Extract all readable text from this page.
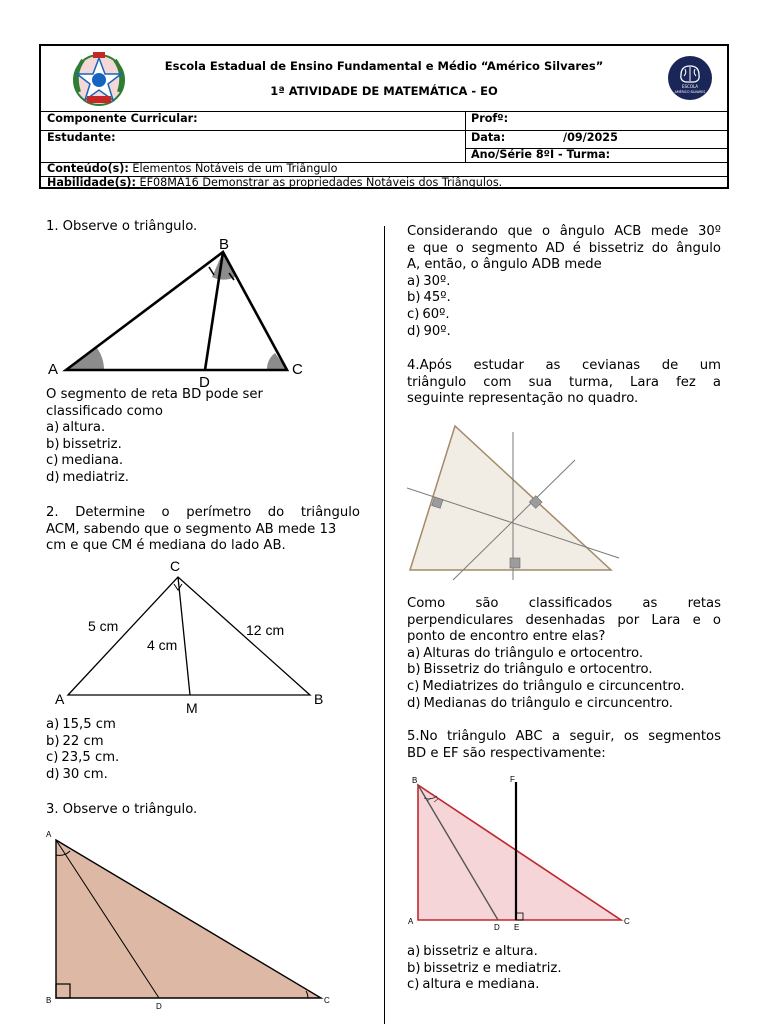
Escola Estadual de Ensino Fundamental e Médio “Américo Silvares”
1ª ATIVIDADE DE MATEMÁTICA - EO	ESCOLA
AMÉRICO SILVARES
Componente Curricular:	Profº:
Estudante:	Data:	/09/2025
Ano/Série 8ºI - Turma:
Conteúdo(s): Elementos Notáveis de um Triângulo
Habilidade(s): EF08MA16 Demonstrar as propriedades Notáveis dos Triângulos.
1. Observe o triângulo.
B
A	C
D
O segmento de reta BD pode ser
classificado como
a) altura.
b) bissetriz.
c) mediana.
d) mediatriz.
2. Determine o perímetro do triângulo
ACM, sabendo que o segmento AB mede 13
cm e que CM é mediana do lado AB.
C
A	B
M
5 cm
4 cm
12 cm
a) 15,5 cm
b) 22 cm
c) 23,5 cm.
d) 30 cm.
3. Observe o triângulo.
A
B	C
D
Considerando que o ângulo ACB mede 30º
e que o segmento AD é bissetriz do ângulo
A, então, o ângulo ADB mede
a) 30º.
b) 45º.
c) 60º.
d) 90º.
4.Após estudar as cevianas de um
triângulo com sua turma, Lara fez a
seguinte representação no quadro.
Como são classificados as retas
perpendiculares desenhadas por Lara e o
ponto de encontro entre elas?
a) Alturas do triângulo e ortocentro.
b) Bissetriz do triângulo e ortocentro.
c) Mediatrizes do triângulo e circuncentro.
d) Medianas do triângulo e circuncentro.
5.No triângulo ABC a seguir, os segmentos
BD e EF são respectivamente:
B
A	C
D E
F
a) bissetriz e altura.
b) bissetriz e mediatriz.
c) altura e mediana.
